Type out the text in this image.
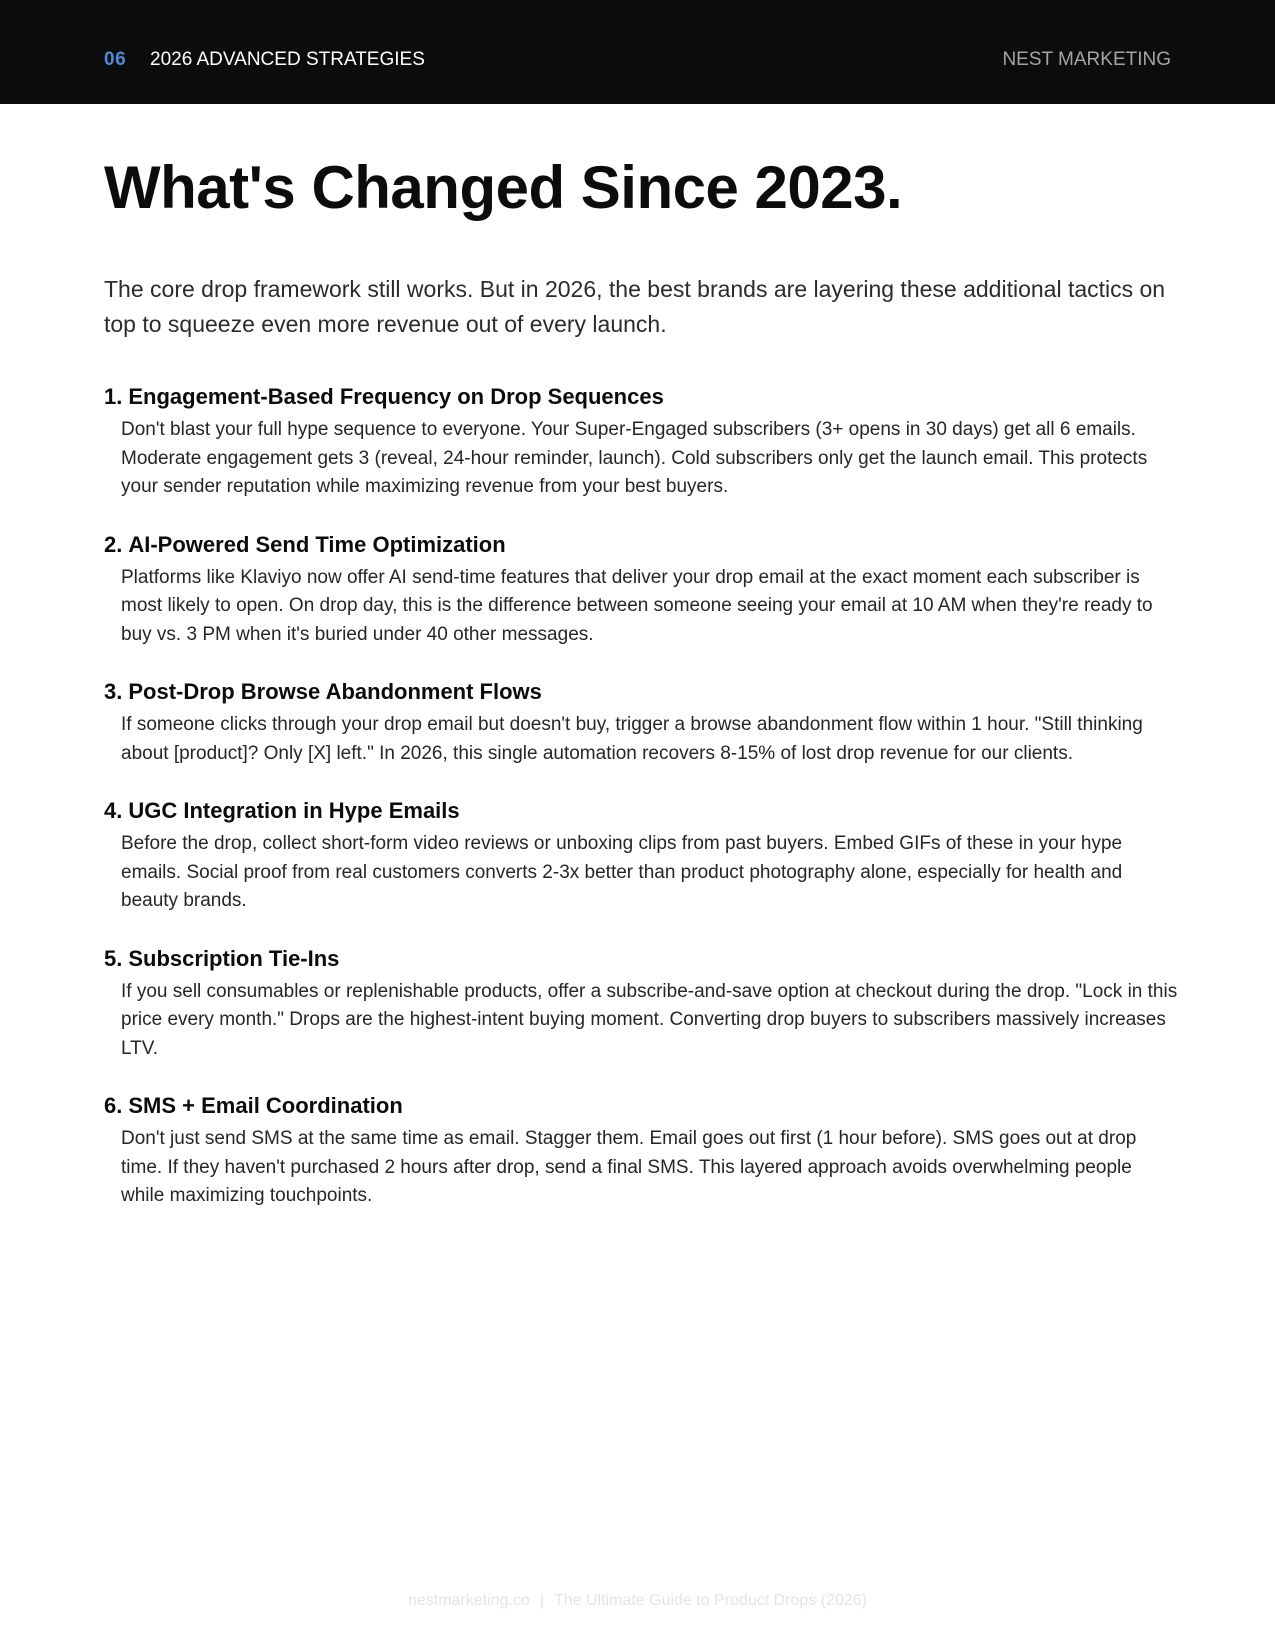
06 2026 ADVANCED STRATEGIES	NEST MARKETING
What's Changed Since 2023.

The core drop framework still works. But in 2026, the best brands are layering these additional tactics on top to squeeze even more revenue out of every launch.

1. Engagement-Based Frequency on Drop Sequences

Don't blast your full hype sequence to everyone. Your Super-Engaged subscribers (3+ opens in 30 days) get all 6 emails. Moderate engagement gets 3 (reveal, 24-hour reminder, launch). Cold subscribers only get the launch email. This protects your sender reputation while maximizing revenue from your best buyers.

2. AI-Powered Send Time Optimization

Platforms like Klaviyo now offer AI send-time features that deliver your drop email at the exact moment each subscriber is most likely to open. On drop day, this is the difference between someone seeing your email at 10 AM when they're ready to buy vs. 3 PM when it's buried under 40 other messages.

3. Post-Drop Browse Abandonment Flows

If someone clicks through your drop email but doesn't buy, trigger a browse abandonment flow within 1 hour. "Still thinking about [product]? Only [X] left." In 2026, this single automation recovers 8-15% of lost drop revenue for our clients.

4. UGC Integration in Hype Emails

Before the drop, collect short-form video reviews or unboxing clips from past buyers. Embed GIFs of these in your hype emails. Social proof from real customers converts 2-3x better than product photography alone, especially for health and beauty brands.

5. Subscription Tie-Ins

If you sell consumables or replenishable products, offer a subscribe-and-save option at checkout during the drop. "Lock in this price every month." Drops are the highest-intent buying moment. Converting drop buyers to subscribers massively increases LTV.

6. SMS + Email Coordination

Don't just send SMS at the same time as email. Stagger them. Email goes out first (1 hour before). SMS goes out at drop time. If they haven't purchased 2 hours after drop, send a final SMS. This layered approach avoids overwhelming people while maximizing touchpoints.

nestmarketing.co | The Ultimate Guide to Product Drops (2026)
